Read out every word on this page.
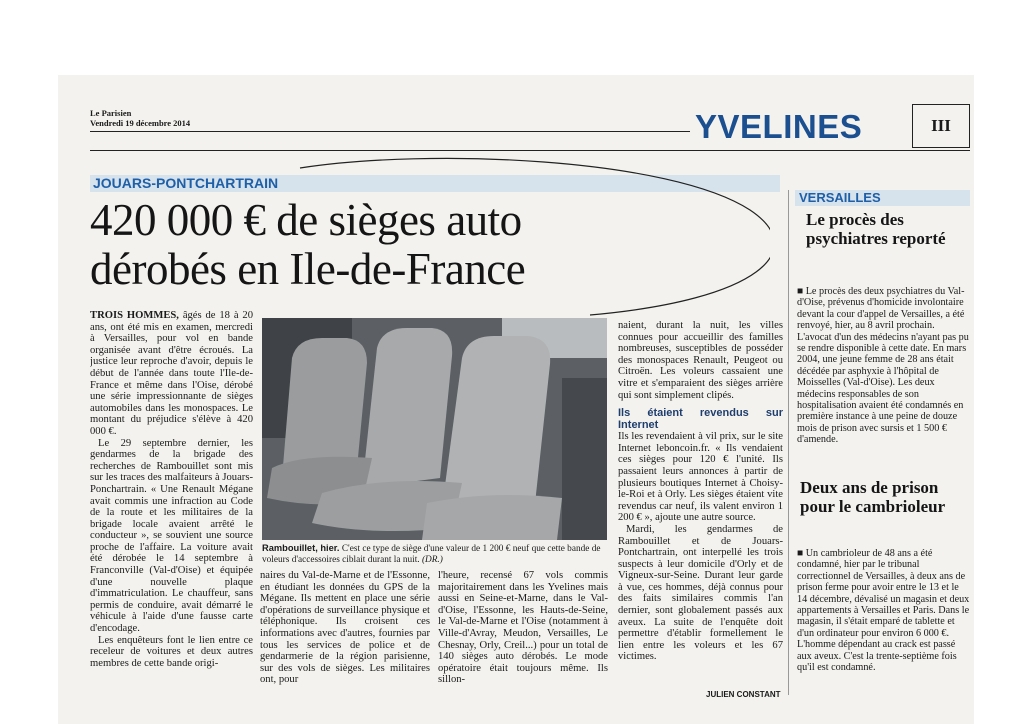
Le Parisien
Vendredi 19 décembre 2014	YVELINES	III
JOUARS-PONTCHARTRAIN
420 000 € de sièges auto
dérobés en Ile-de-France

TROIS HOMMES, âgés de 18 à 20 ans, ont été mis en examen, mercredi à Versailles, pour vol en bande organisée avant d'être écroués. La justice leur reproche d'avoir, depuis le début de l'année dans toute l'Ile-de-France et même dans l'Oise, dérobé une série impressionnante de sièges automobiles dans les monospaces. Le montant du préjudice s'élève à 420 000 €.

Le 29 septembre dernier, les gendarmes de la brigade des recherches de Rambouillet sont mis sur les traces des malfaiteurs à Jouars-Ponchartrain. « Une Renault Mégane avait commis une infraction au Code de la route et les militaires de la brigade locale avaient arrêté le conducteur », se souvient une source proche de l'affaire. La voiture avait été dérobée le 14 septembre à Franconville (Val-d'Oise) et équipée d'une nouvelle plaque d'immatriculation. Le chauffeur, sans permis de conduire, avait démarré le véhicule à l'aide d'une fausse carte d'encodage.

Les enquêteurs font le lien entre ce receleur de voitures et deux autres membres de cette bande origi-

Rambouillet, hier. C'est ce type de siège d'une valeur de 1 200 € neuf que cette bande de voleurs d'accessoires ciblait durant la nuit. (DR.)

naires du Val-de-Marne et de l'Essonne, en étudiant les données du GPS de la Mégane. Ils mettent en place une série d'opérations de surveillance physique et téléphonique. Ils croisent ces informations avec d'autres, fournies par tous les services de police et de gendarmerie de la région parisienne, sur des vols de sièges. Les militaires ont, pour

l'heure, recensé 67 vols commis majoritairement dans les Yvelines mais aussi en Seine-et-Marne, dans le Val-d'Oise, l'Essonne, les Hauts-de-Seine, le Val-de-Marne et l'Oise (notamment à Ville-d'Avray, Meudon, Versailles, Le Chesnay, Orly, Creil...) pour un total de 140 sièges auto dérobés. Le mode opératoire était toujours même. Ils sillon-

naient, durant la nuit, les villes connues pour accueillir des familles nombreuses, susceptibles de posséder des monospaces Renault, Peugeot ou Citroën. Les voleurs cassaient une vitre et s'emparaient des sièges arrière qui sont simplement clipés.

Ils étaient revendus sur Internet

Ils les revendaient à vil prix, sur le site Internet leboncoin.fr. « Ils vendaient ces sièges pour 120 € l'unité. Ils passaient leurs annonces à partir de plusieurs boutiques Internet à Choisy-le-Roi et à Orly. Les sièges étaient vite revendus car neuf, ils valent environ 1 200 € », ajoute une autre source.

Mardi, les gendarmes de Rambouillet et de Jouars-Pontchartrain, ont interpellé les trois suspects à leur domicile d'Orly et de Vigneux-sur-Seine. Durant leur garde à vue, ces hommes, déjà connus pour des faits similaires commis l'an dernier, sont globalement passés aux aveux. La suite de l'enquête doit permettre d'établir formellement le lien entre les voleurs et les 67 victimes.

JULIEN CONSTANT
VERSAILLES
Le procès des psychiatres reporté

■ Le procès des deux psychiatres du Val-d'Oise, prévenus d'homicide involontaire devant la cour d'appel de Versailles, a été renvoyé, hier, au 8 avril prochain. L'avocat d'un des médecins n'ayant pas pu se rendre disponible à cette date. En mars 2004, une jeune femme de 28 ans était décédée par asphyxie à l'hôpital de Moisselles (Val-d'Oise). Les deux médecins responsables de son hospitalisation avaient été condamnés en première instance à une peine de douze mois de prison avec sursis et 1 500 € d'amende.

Deux ans de prison pour le cambrioleur

■ Un cambrioleur de 48 ans a été condamné, hier par le tribunal correctionnel de Versailles, à deux ans de prison ferme pour avoir entre le 13 et le 14 décembre, dévalisé un magasin et deux appartements à Versailles et Paris. Dans le magasin, il s'était emparé de tablette et d'un ordinateur pour environ 6 000 €. L'homme dépendant au crack est passé aux aveux. C'est la trente-septième fois qu'il est condamné.
